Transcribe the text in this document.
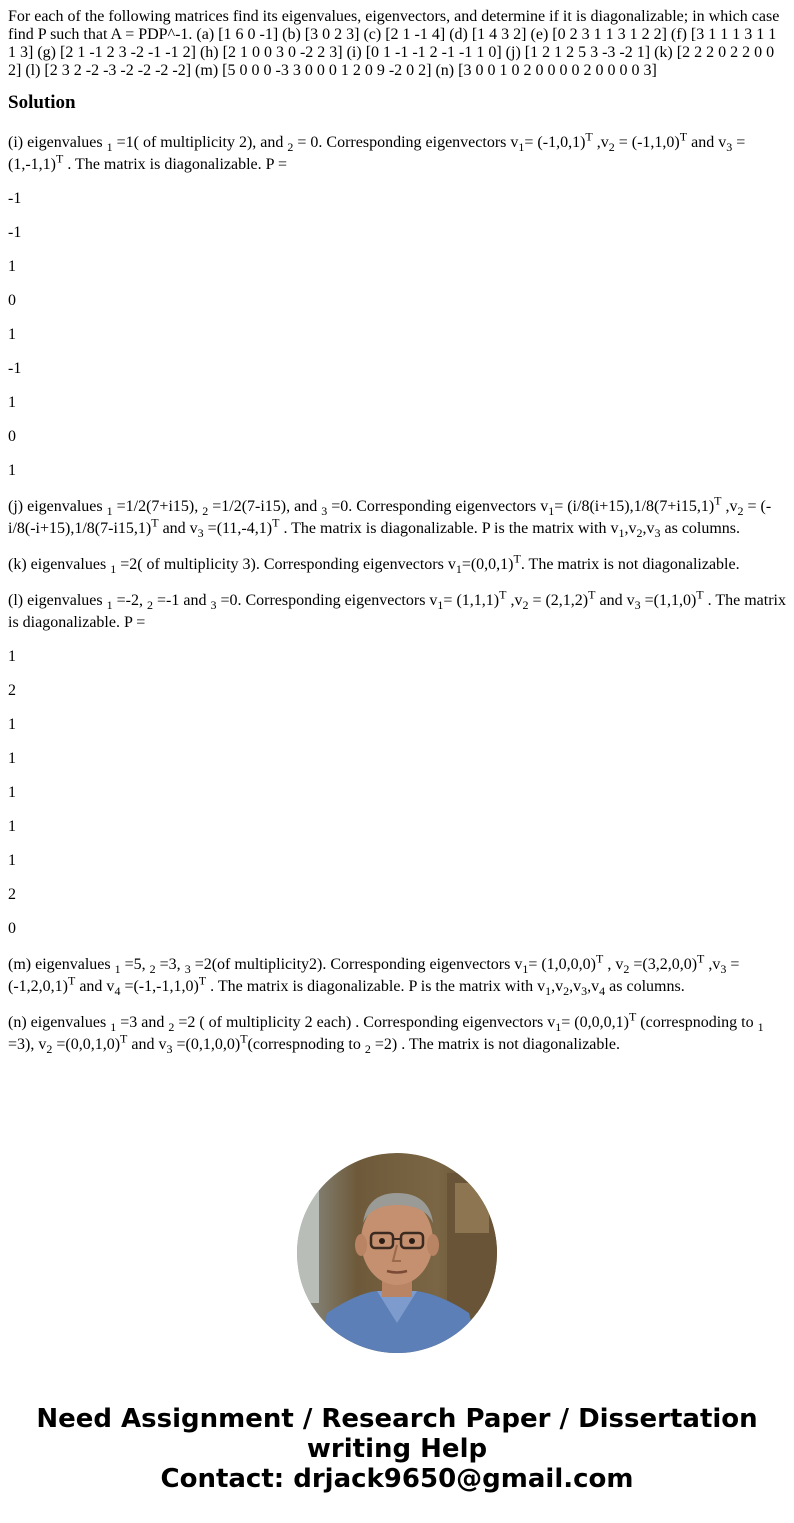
For each of the following matrices find its eigenvalues, eigenvectors, and determine if it is diagonalizable; in which case find P such that A = PDP^-1. (a) [1 6 0 -1] (b) [3 0 2 3] (c) [2 1 -1 4] (d) [1 4 3 2] (e) [0 2 3 1 1 3 1 2 2] (f) [3 1 1 1 3 1 1 1 3] (g) [2 1 -1 2 3 -2 -1 -1 2] (h) [2 1 0 0 3 0 -2 2 3] (i) [0 1 -1 -1 2 -1 -1 1 0] (j) [1 2 1 2 5 3 -3 -2 1] (k) [2 2 2 0 2 2 0 0 2] (l) [2 3 2 -2 -3 -2 -2 -2 -2] (m) [5 0 0 0 -3 3 0 0 0 1 2 0 9 -2 0 2] (n) [3 0 0 1 0 2 0 0 0 0 2 0 0 0 0 3]

Solution

(i) eigenvalues $_1$ =1( of multiplicity 2), and $_2$ = 0. Corresponding eigenvectors $v_1= (-1,0,1)^T$ $,v_2 = (-1,1,0)^T$ and $v_3 = (1,-1,1)^T$ . The matrix is diagonalizable. P =

-1

-1

1

0

1

-1

1

0

1

(j) eigenvalues $_1$ =1/2(7+i15), $_2$ =1/2(7-i15), and $_3$ =0. Corresponding eigenvectors $v_1= (i/8(i+15),1/8(7+i15,1)^T$ $,v_2 = (-i/8(-i+15),1/8(7-i15,1)^T$ and $v_3 =(11,-4,1)^T$ . The matrix is diagonalizable. P is the matrix with $v_1,v_2,v_3$ as columns.

(k) eigenvalues $_1$ =2( of multiplicity 3). Corresponding eigenvectors $v_1=(0,0,1)^T$. The matrix is not diagonalizable.

(l) eigenvalues $_1$ =-2, $_2$ =-1 and $_3$ =0. Corresponding eigenvectors $v_1= (1,1,1)^T$ $,v_2 = (2,1,2)^T$ and $v_3 =(1,1,0)^T$ . The matrix is diagonalizable. P =

1

2

1

1

1

1

1

2

0

(m) eigenvalues $_1$ =5, $_2$ =3, $_3$ =2(of multiplicity2). Corresponding eigenvectors $v_1= (1,0,0,0)^T$ , $v_2 =(3,2,0,0)^T$ $,v_3 = (-1,2,0,1)^T$ and $v_4 =(-1,-1,1,0)^T$ . The matrix is diagonalizable. P is the matrix with $v_1,v_2,v_3,v_4$ as columns.

(n) eigenvalues $_1$ =3 and $_2$ =2 ( of multiplicity 2 each) . Corresponding eigenvectors $v_1= (0,0,0,1)^T$ (correspnoding to $_1$ =3), $v_2 =(0,0,1,0)^T$ and $v_3$ $=(0,1,0,0)^T(correspnoding$ to $_2$ =2) . The matrix is not diagonalizable.

Need Assignment / Research Paper / Dissertation
writing Help
Contact: drjack9650@gmail.com
